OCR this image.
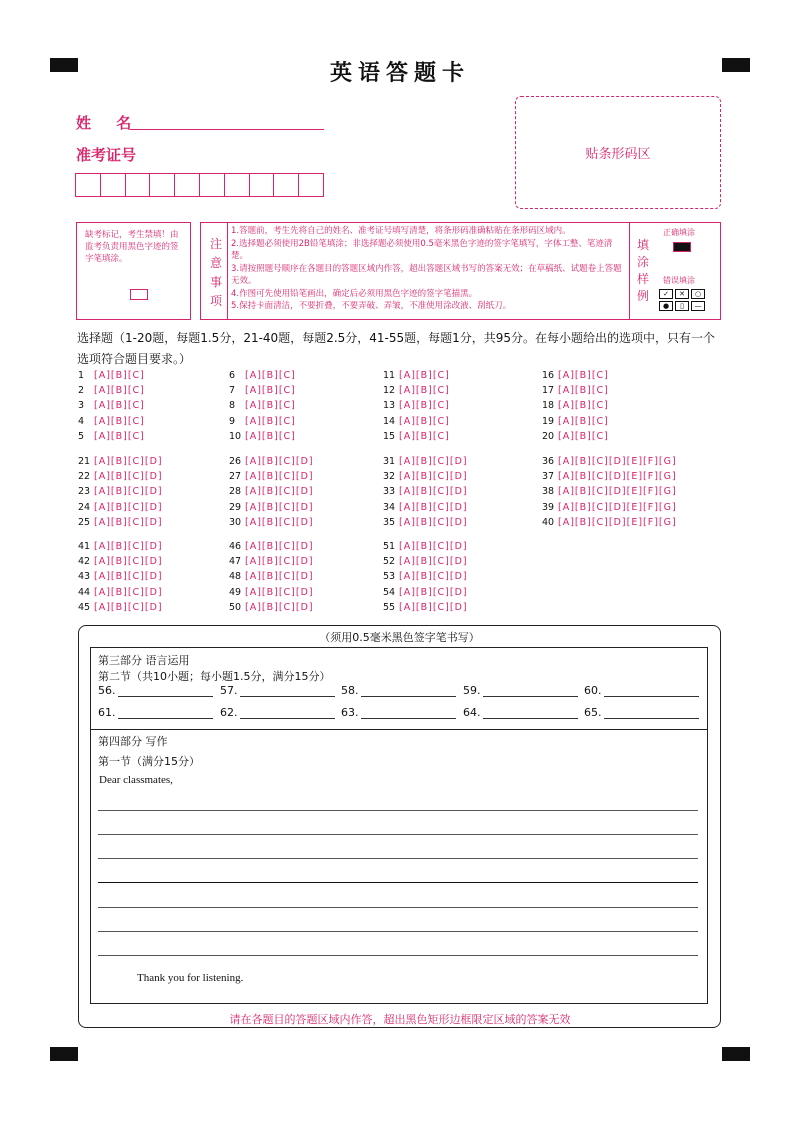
英语答题卡
姓 名
准考证号	贴条形码区
缺考标记，考生禁填！由监考负责用黑色字迹的签字笔填涂。
注意事项
1.答题前，考生先将自己的姓名、准考证号填写清楚，将条形码准确粘贴在条形码区域内。
2.选择题必须使用2B铅笔填涂；非选择题必须使用0.5毫米黑色字迹的签字笔填写，字体工整、笔迹清楚。
3.请按照题号顺序在各题目的答题区域内作答，超出答题区域书写的答案无效；在草稿纸、试题卷上答题无效。
4.作图可先使用铅笔画出，确定后必须用黑色字迹的签字笔描黑。
5.保持卡面清洁，不要折叠，不要弄破、弄皱，不准使用涂改液、刮纸刀。
填涂样例
正确填涂
错误填涂
✓	✕	○
●	▯	—
选择题（1-20题，每题1.5分，21-40题，每题2.5分，41-55题，每题1分，共95分。在每小题给出的选项中，只有一个选项符合题目要求。）
1 [A][B][C]
2 [A][B][C]
3 [A][B][C]
4 [A][B][C]
5 [A][B][C]
6 [A][B][C]
7 [A][B][C]
8 [A][B][C]
9 [A][B][C]
10 [A][B][C]
11 [A][B][C]
12 [A][B][C]
13 [A][B][C]
14 [A][B][C]
15 [A][B][C]
16 [A][B][C]
17 [A][B][C]
18 [A][B][C]
19 [A][B][C]
20 [A][B][C]
21 [A][B][C][D]
22 [A][B][C][D]
23 [A][B][C][D]
24 [A][B][C][D]
25 [A][B][C][D]
26 [A][B][C][D]
27 [A][B][C][D]
28 [A][B][C][D]
29 [A][B][C][D]
30 [A][B][C][D]
31 [A][B][C][D]
32 [A][B][C][D]
33 [A][B][C][D]
34 [A][B][C][D]
35 [A][B][C][D]
36 [A][B][C][D][E][F][G]
37 [A][B][C][D][E][F][G]
38 [A][B][C][D][E][F][G]
39 [A][B][C][D][E][F][G]
40 [A][B][C][D][E][F][G]
41 [A][B][C][D]
42 [A][B][C][D]
43 [A][B][C][D]
44 [A][B][C][D]
45 [A][B][C][D]
46 [A][B][C][D]
47 [A][B][C][D]
48 [A][B][C][D]
49 [A][B][C][D]
50 [A][B][C][D]
51 [A][B][C][D]
52 [A][B][C][D]
53 [A][B][C][D]
54 [A][B][C][D]
55 [A][B][C][D]
（须用0.5毫米黑色签字笔书写）
第三部分 语言运用
第二节（共10小题；每小题1.5分，满分15分）
56.	57.	58.	59.	60.
61.	62.	63.	64.	65.
第四部分 写作
第一节（满分15分）
Dear classmates,
Thank you for listening.
请在各题目的答题区域内作答，超出黑色矩形边框限定区域的答案无效
